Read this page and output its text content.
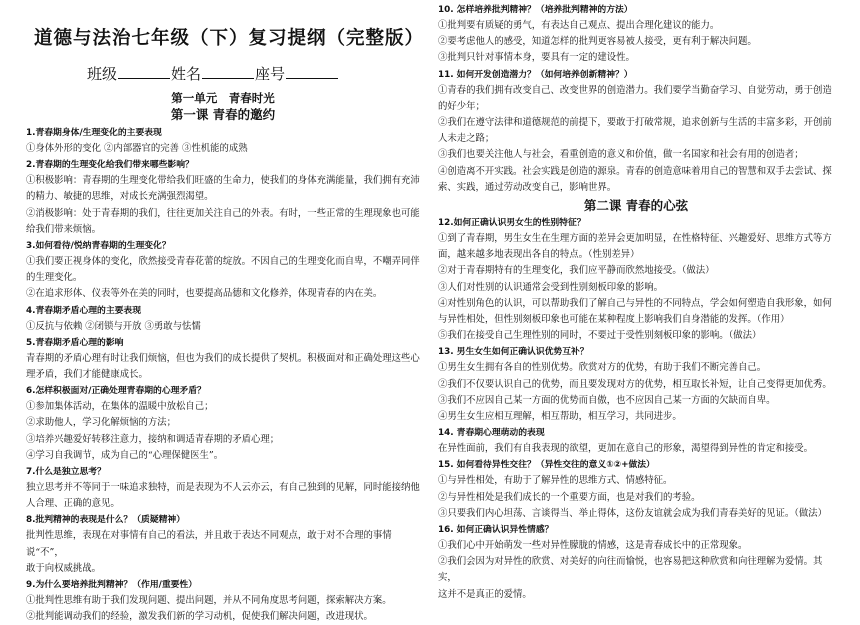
道德与法治七年级（下）复习提纲（完整版）
班级	姓名	座号
第一单元　青春时光
第一课 青春的邀约
1.青春期身体/生理变化的主要表现
①身体外形的变化 ②内部器官的完善 ③性机能的成熟
2.青春期的生理变化给我们带来哪些影响？
①积极影响：青春期的生理变化带给我们旺盛的生命力，使我们的身体充满能量，我们拥有充沛
的精力、敏捷的思维，对成长充满强烈渴望。
②消极影响：处于青春期的我们，往往更加关注自己的外表。有时，一些正常的生理现象也可能
给我们带来烦恼。
3.如何看待/悦纳青春期的生理变化？
①我们要正视身体的变化，欣然接受青春花蕾的绽放。不因自己的生理变化而自卑，不嘲弄同伴
的生理变化。
②在追求形体、仪表等外在美的同时，也要提高品德和文化修养，体现青春的内在美。
4.青春期矛盾心理的主要表现
①反抗与依赖 ②闭锁与开放 ③勇敢与怯懦
5.青春期矛盾心理的影响
青春期的矛盾心理有时让我们烦恼，但也为我们的成长提供了契机。积极面对和正确处理这些心
理矛盾，我们才能健康成长。
6.怎样积极面对/正确处理青春期的心理矛盾？
①参加集体活动，在集体的温暖中放松自己；
②求助他人，学习化解烦恼的方法；
③培养兴趣爱好转移注意力，接纳和调适青春期的矛盾心理；
④学习自我调节，成为自己的“心理保健医生”。
7.什么是独立思考？
独立思考并不等同于一味追求独特，而是表现为不人云亦云，有自己独到的见解，同时能接纳他
人合理、正确的意见。
8.批判精神的表现是什么？（质疑精神）
批判性思维，表现在对事情有自己的看法，并且敢于表达不同观点，敢于对不合理的事情说“不”，
敢于向权威挑战。
9.为什么要培养批判精神？（作用/重要性）
①批判性思维有助于我们发现问题、提出问题，并从不同角度思考问题，探索解决方案。
②批判能调动我们的经验，激发我们新的学习动机，促使我们解决问题，改进现状。
10. 怎样培养批判精神？（培养批判精神的方法）
①批判要有质疑的勇气，有表达自己观点、提出合理化建议的能力。
②要考虑他人的感受，知道怎样的批判更容易被人接受，更有利于解决问题。
③批判只针对事情本身，要具有一定的建设性。
11. 如何开发创造潜力？（如何培养创新精神？）
①青春的我们拥有改变自己、改变世界的创造潜力。我们要学当勤奋学习、自觉劳动，勇于创造
的好少年；
②我们在遵守法律和道德规范的前提下，要敢于打破常规，追求创新与生活的丰富多彩，开创前
人未走之路；
③我们也要关注他人与社会，看重创造的意义和价值，做一名国家和社会有用的创造者；
④创造离不开实践。社会实践是创造的源泉。青春的创造意味着用自己的智慧和双手去尝试、探
索、实践，通过劳动改变自己，影响世界。
第二课 青春的心弦
12.如何正确认识男女生的性别特征？
①到了青春期，男生女生在生理方面的差异会更加明显，在性格特征、兴趣爱好、思维方式等方
面，越来越多地表现出各自的特点。（性别差异）
②对于青春期特有的生理变化，我们应平静而欣然地接受。（做法）
③人们对性别的认识通常会受到性别刻板印象的影响。
④对性别角色的认识，可以帮助我们了解自己与异性的不同特点，学会如何塑造自我形象，如何
与异性相处，但性别刻板印象也可能在某种程度上影响我们自身潜能的发挥。（作用）
⑤我们在接受自己生理性别的同时，不要过于受性别刻板印象的影响。（做法）
13. 男生女生如何正确认识优势互补？
①男生女生拥有各自的性别优势。欣赏对方的优势，有助于我们不断完善自己。
②我们不仅要认识自己的优势，而且要发现对方的优势，相互取长补短，让自己变得更加优秀。
③我们不应因自己某一方面的优势而自傲，也不应因自己某一方面的欠缺而自卑。
④男生女生应相互理解，相互帮助，相互学习，共同进步。
14. 青春期心理萌动的表现
在异性面前，我们有自我表现的欲望，更加在意自己的形象，渴望得到异性的肯定和接受。
15. 如何看待异性交往？（异性交往的意义①②+做法）
①与异性相处，有助于了解异性的思维方式、情感特征。
②与异性相处是我们成长的一个重要方面，也是对我们的考验。
③只要我们内心坦荡、言谈得当、举止得体，这份友谊就会成为我们青春美好的见证。（做法）
16. 如何正确认识异性情感？
①我们心中开始萌发一些对异性朦胧的情感，这是青春成长中的正常现象。
②我们会因为对异性的欣赏、对美好的向往而愉悦，也容易把这种欣赏和向往理解为爱情。其实，
这并不是真正的爱情。
